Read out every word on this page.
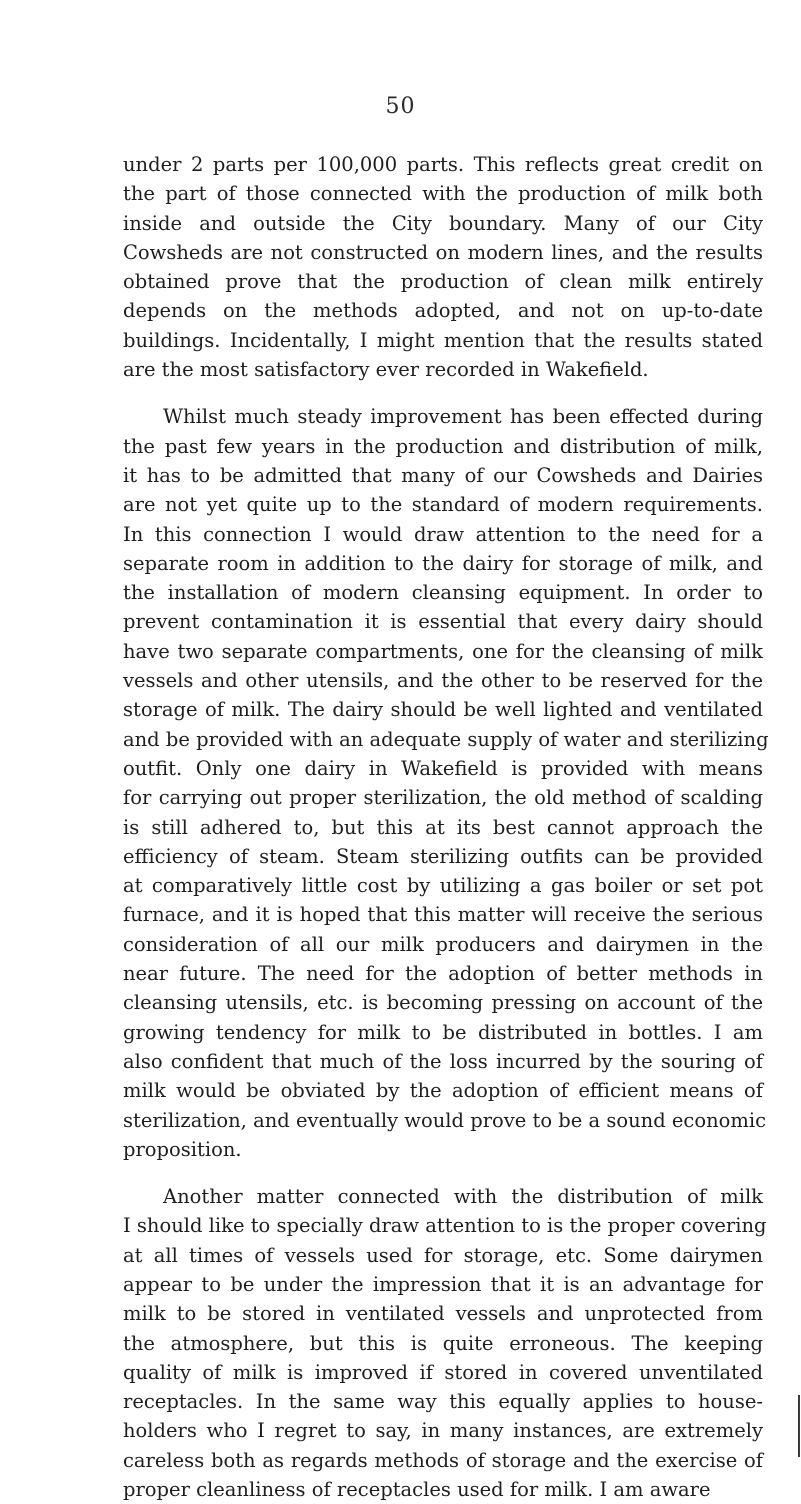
50

under 2 parts per 100,000 parts. This reflects great credit on
the part of those connected with the production of milk both
inside and outside the City boundary. Many of our City
Cowsheds are not constructed on modern lines, and the results
obtained prove that the production of clean milk entirely
depends on the methods adopted, and not on up-to-date
buildings. Incidentally, I might mention that the results stated
are the most satisfactory ever recorded in Wakefield.

Whilst much steady improvement has been effected during
the past few years in the production and distribution of milk,
it has to be admitted that many of our Cowsheds and Dairies
are not yet quite up to the standard of modern requirements.
In this connection I would draw attention to the need for a
separate room in addition to the dairy for storage of milk, and
the installation of modern cleansing equipment. In order to
prevent contamination it is essential that every dairy should
have two separate compartments, one for the cleansing of milk
vessels and other utensils, and the other to be reserved for the
storage of milk. The dairy should be well lighted and ventilated
and be provided with an adequate supply of water and sterilizing
outfit. Only one dairy in Wakefield is provided with means
for carrying out proper sterilization, the old method of scalding
is still adhered to, but this at its best cannot approach the
efficiency of steam. Steam sterilizing outfits can be provided
at comparatively little cost by utilizing a gas boiler or set pot
furnace, and it is hoped that this matter will receive the serious
consideration of all our milk producers and dairymen in the
near future. The need for the adoption of better methods in
cleansing utensils, etc. is becoming pressing on account of the
growing tendency for milk to be distributed in bottles. I am
also confident that much of the loss incurred by the souring of
milk would be obviated by the adoption of efficient means of
sterilization, and eventually would prove to be a sound economic
proposition.

Another matter connected with the distribution of milk
I should like to specially draw attention to is the proper covering
at all times of vessels used for storage, etc. Some dairymen
appear to be under the impression that it is an advantage for
milk to be stored in ventilated vessels and unprotected from
the atmosphere, but this is quite erroneous. The keeping
quality of milk is improved if stored in covered unventilated
receptacles. In the same way this equally applies to house-
holders who I regret to say, in many instances, are extremely
careless both as regards methods of storage and the exercise of
proper cleanliness of receptacles used for milk. I am aware
